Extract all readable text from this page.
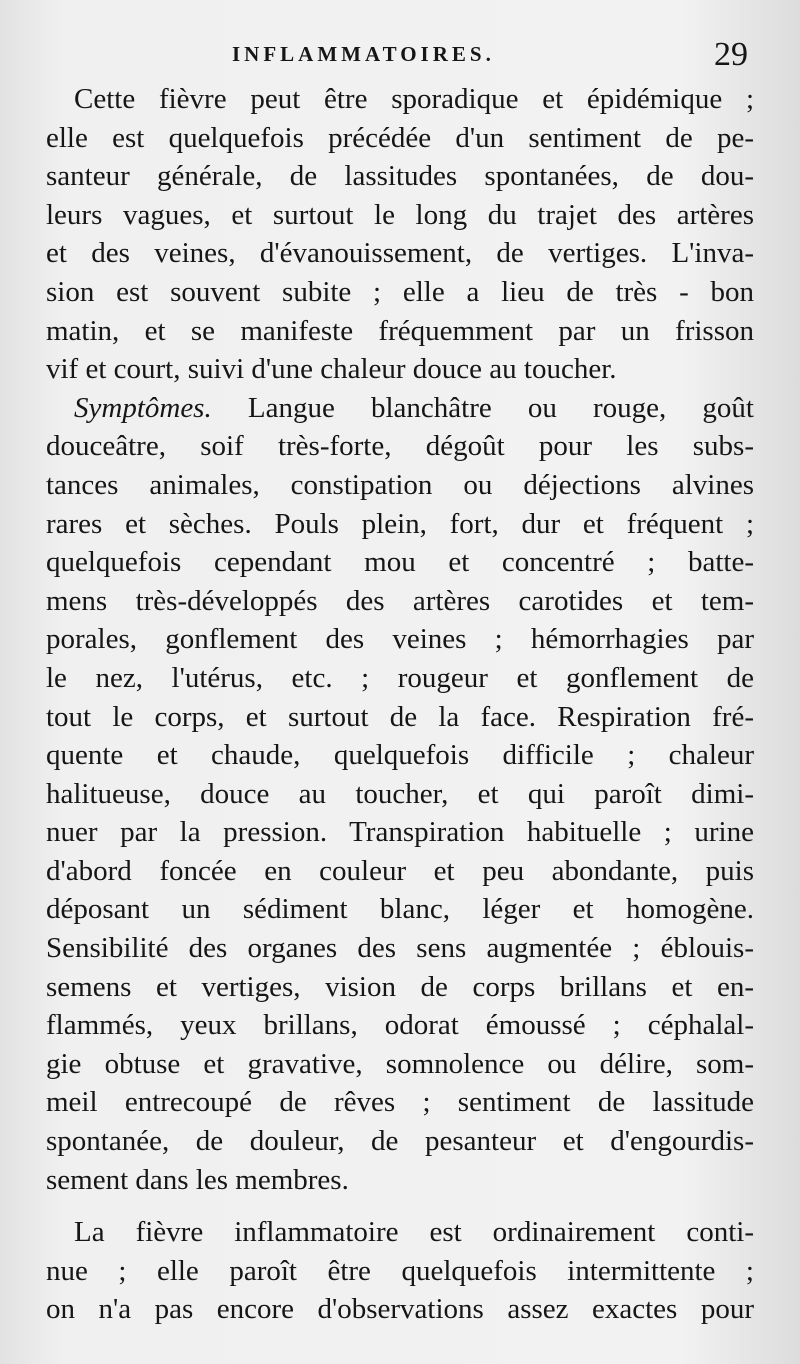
INFLAMMATOIRES.	29
Cette fièvre peut être sporadique et épidémique ;
elle est quelquefois précédée d'un sentiment de pe-
santeur générale, de lassitudes spontanées, de dou-
leurs vagues, et surtout le long du trajet des artères
et des veines, d'évanouissement, de vertiges. L'inva-
sion est souvent subite ; elle a lieu de très - bon
matin, et se manifeste fréquemment par un frisson
vif et court, suivi d'une chaleur douce au toucher.
Symptômes. Langue blanchâtre ou rouge, goût
douceâtre, soif très-forte, dégoût pour les subs-
tances animales, constipation ou déjections alvines
rares et sèches. Pouls plein, fort, dur et fréquent ;
quelquefois cependant mou et concentré ; batte-
mens très-développés des artères carotides et tem-
porales, gonflement des veines ; hémorrhagies par
le nez, l'utérus, etc. ; rougeur et gonflement de
tout le corps, et surtout de la face. Respiration fré-
quente et chaude, quelquefois difficile ; chaleur
halitueuse, douce au toucher, et qui paroît dimi-
nuer par la pression. Transpiration habituelle ; urine
d'abord foncée en couleur et peu abondante, puis
déposant un sédiment blanc, léger et homogène.
Sensibilité des organes des sens augmentée ; éblouis-
semens et vertiges, vision de corps brillans et en-
flammés, yeux brillans, odorat émoussé ; céphalal-
gie obtuse et gravative, somnolence ou délire, som-
meil entrecoupé de rêves ; sentiment de lassitude
spontanée, de douleur, de pesanteur et d'engourdis-
sement dans les membres.
La fièvre inflammatoire est ordinairement conti-
nue ; elle paroît être quelquefois intermittente ;
on n'a pas encore d'observations assez exactes pour
